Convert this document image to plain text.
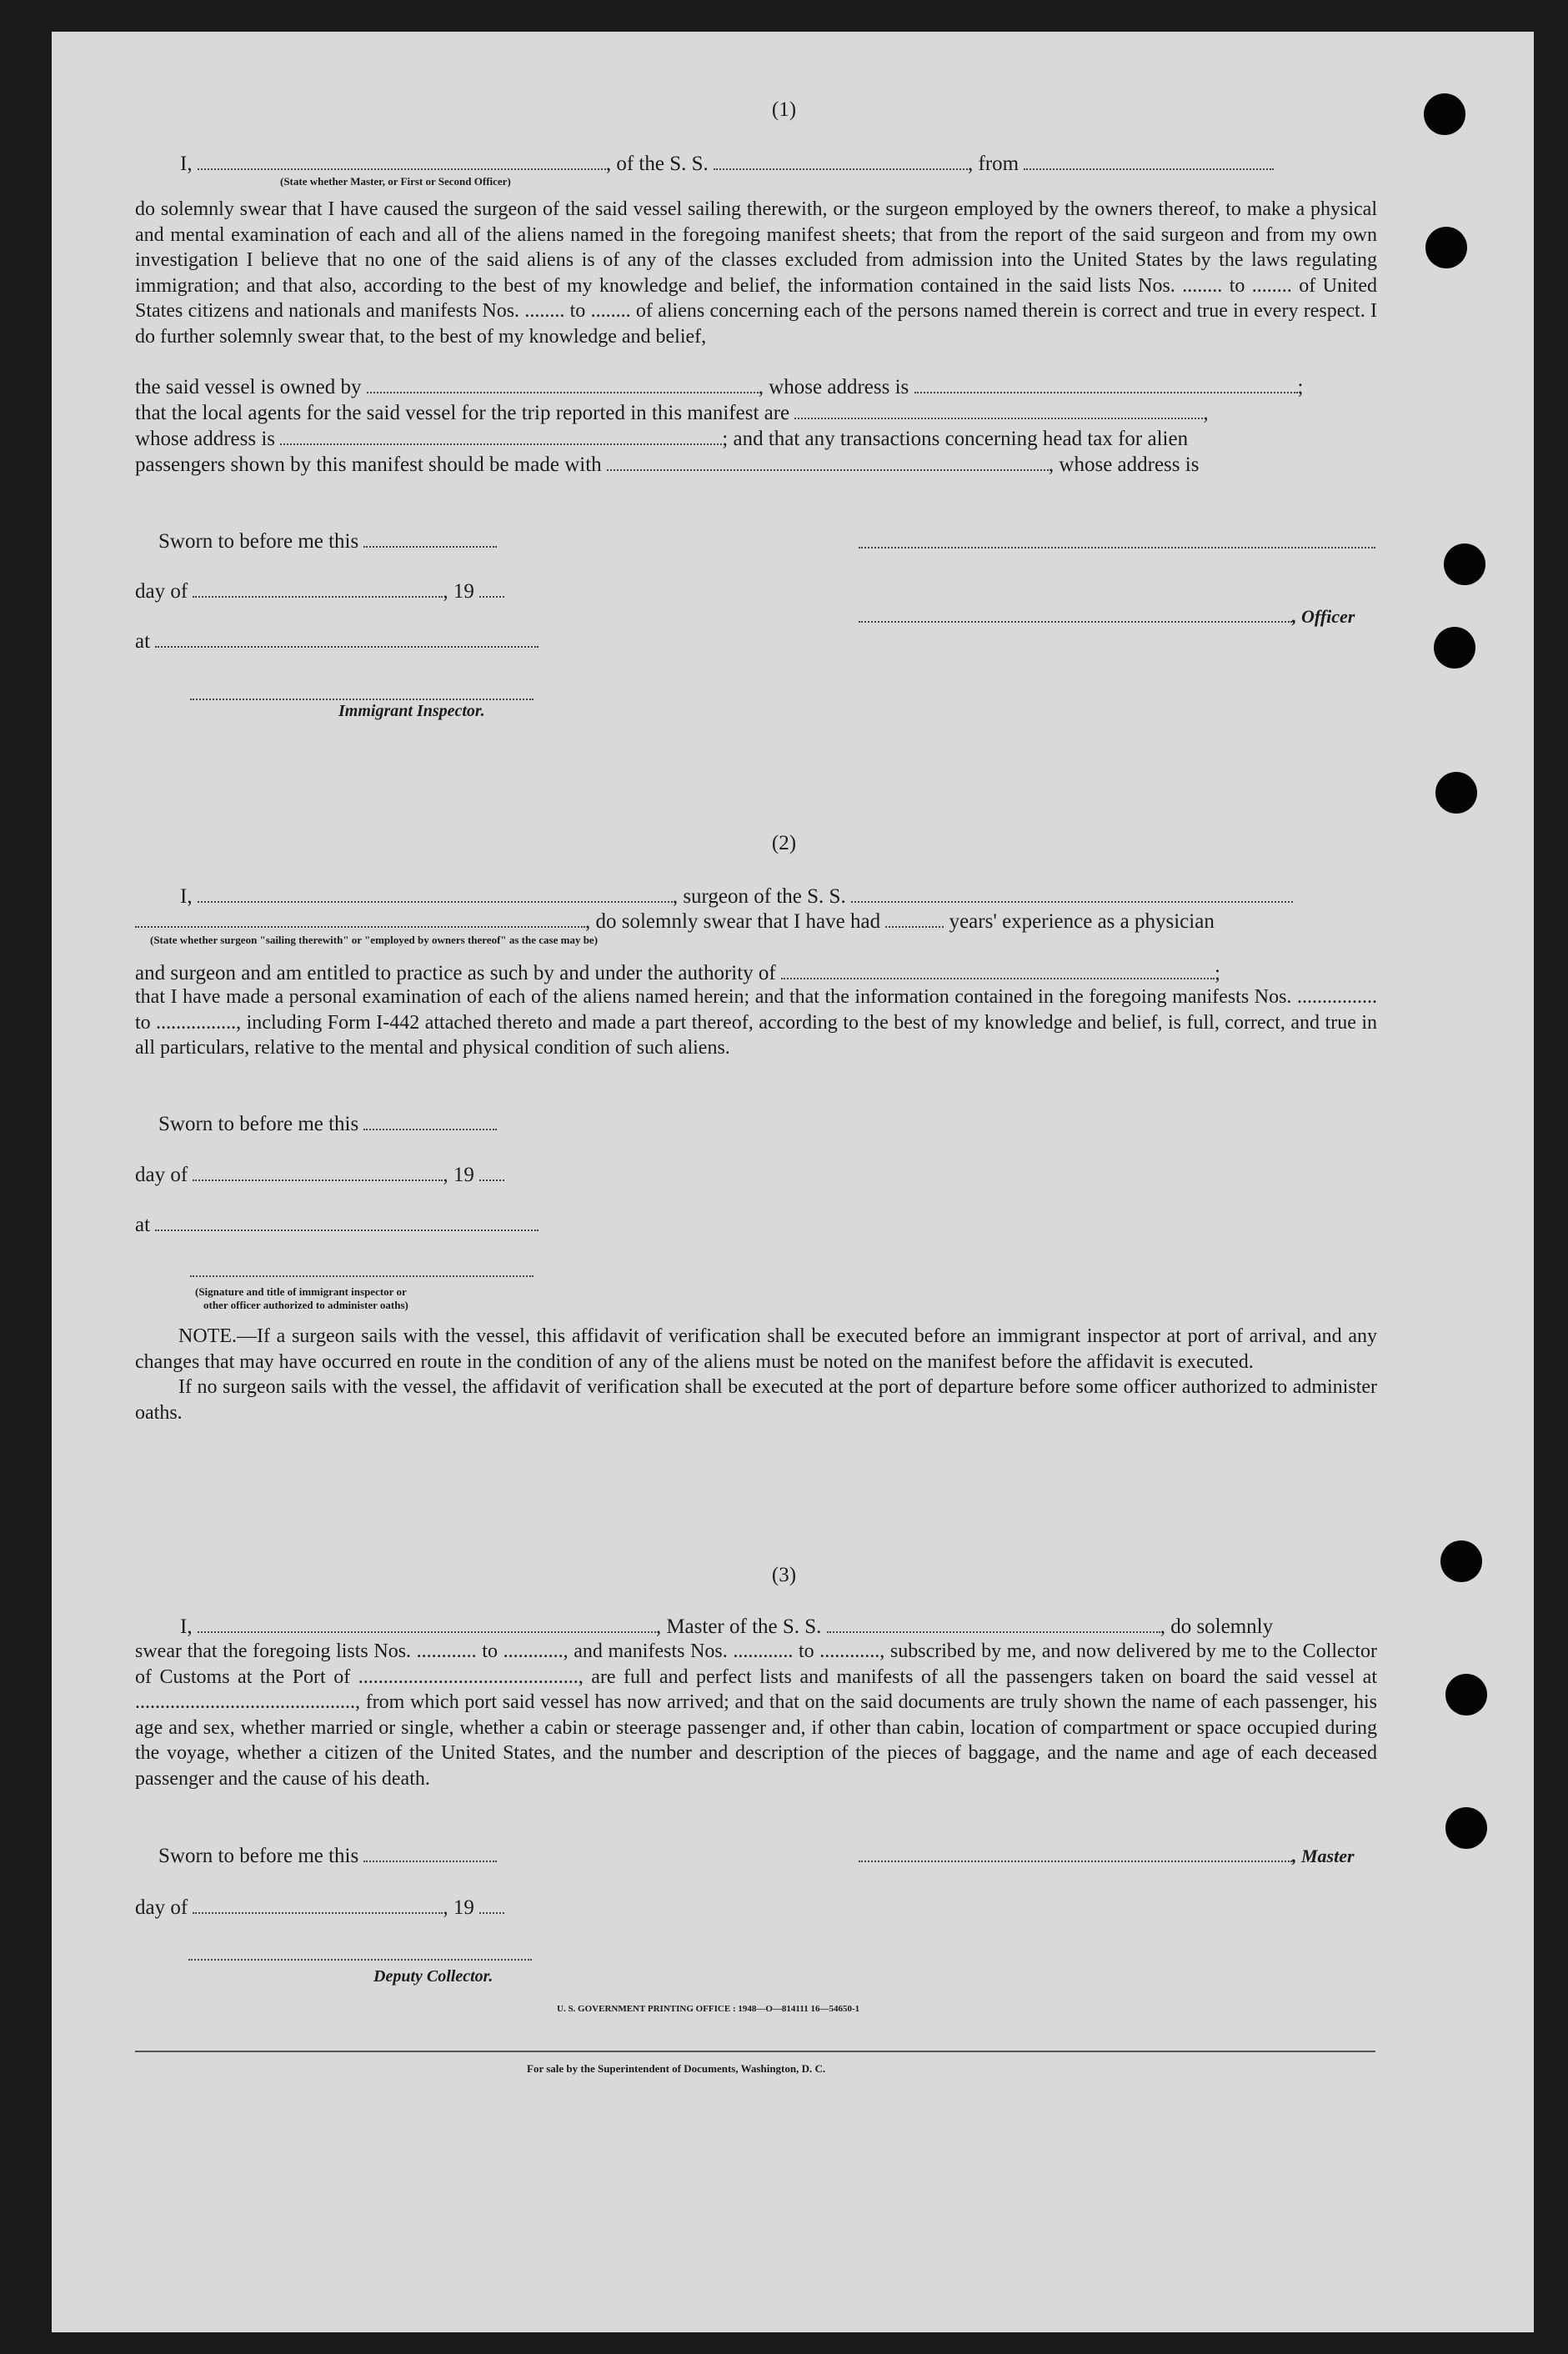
(1)
I,	, of the S. S.	, from
(State whether Master, or First or Second Officer)

do solemnly swear that I have caused the surgeon of the said vessel sailing therewith, or the surgeon employed by the owners thereof, to make a physical and mental examination of each and all of the aliens named in the foregoing manifest sheets; that from the report of the said surgeon and from my own investigation I believe that no one of the said aliens is of any of the classes excluded from admission into the United States by the laws regulating immigration; and that also, according to the best of my knowledge and belief, the information contained in the said lists Nos. ........ to ........ of United States citizens and nationals and manifests Nos. ........ to ........ of aliens concerning each of the persons named therein is correct and true in every respect. I do further solemnly swear that, to the best of my knowledge and belief,

the said vessel is owned by	, whose address is	;
that the local agents for the said vessel for the trip reported in this manifest are	,
whose address is	; and that any transactions concerning head tax for alien
passengers shown by this manifest should be made with	, whose address is
Sworn to before me this
day of	, 19
at
, Officer
Immigrant Inspector.
(2)
I,	, surgeon of the S. S.
, do solemnly swear that I have had	years' experience as a physician
(State whether surgeon "sailing therewith" or "employed by owners thereof" as the case may be)
and surgeon and am entitled to practice as such by and under the authority of	;

that I have made a personal examination of each of the aliens named herein; and that the information contained in the foregoing manifests Nos. ................ to ................, including Form I-442 attached thereto and made a part thereof, according to the best of my knowledge and belief, is full, correct, and true in all particulars, relative to the mental and physical condition of such aliens.

Sworn to before me this
day of	, 19
at
(Signature and title of immigrant inspector or
other officer authorized to administer oaths)

NOTE.—If a surgeon sails with the vessel, this affidavit of verification shall be executed before an immigrant inspector at port of arrival, and any changes that may have occurred en route in the condition of any of the aliens must be noted on the manifest before the affidavit is executed.

If no surgeon sails with the vessel, the affidavit of verification shall be executed at the port of departure before some officer authorized to administer oaths.

(3)
I,	, Master of the S. S.	, do solemnly

swear that the foregoing lists Nos. ............ to ............, and manifests Nos. ............ to ............, subscribed by me, and now delivered by me to the Collector of Customs at the Port of ............................................, are full and perfect lists and manifests of all the passengers taken on board the said vessel at ............................................, from which port said vessel has now arrived; and that on the said documents are truly shown the name of each passenger, his age and sex, whether married or single, whether a cabin or steerage passenger and, if other than cabin, location of compartment or space occupied during the voyage, whether a citizen of the United States, and the number and description of the pieces of baggage, and the name and age of each deceased passenger and the cause of his death.

Sworn to before me this	, Master
day of	, 19
Deputy Collector.
U. S. GOVERNMENT PRINTING OFFICE : 1948—O—814111 16—54650-1
For sale by the Superintendent of Documents, Washington, D. C.
